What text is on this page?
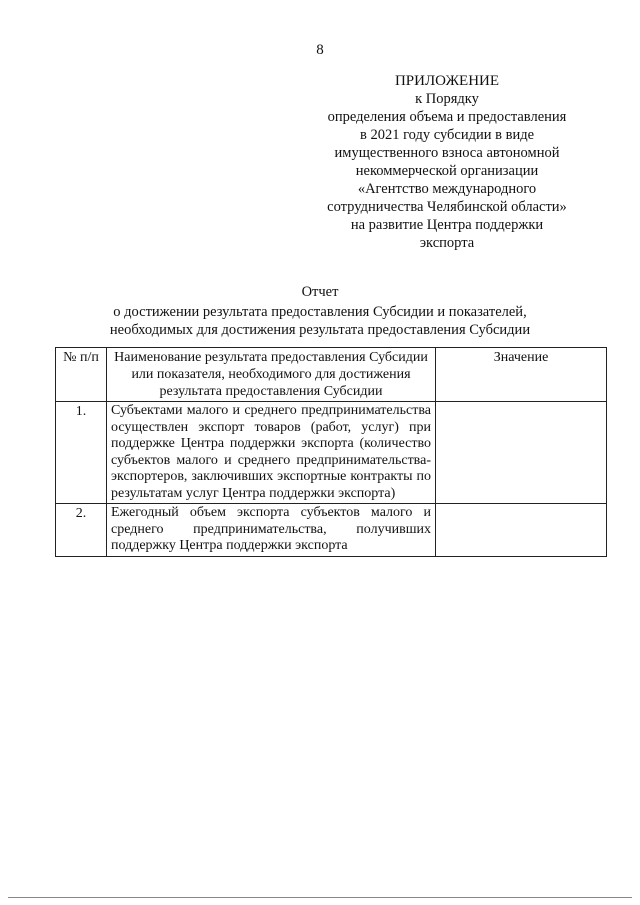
8
ПРИЛОЖЕНИЕ
к Порядку
определения объема и предоставления
в 2021 году субсидии в виде
имущественного взноса автономной
некоммерческой организации
«Агентство международного
сотрудничества Челябинской области»
на развитие Центра поддержки
экспорта
Отчет
о достижении результата предоставления Субсидии и показателей,
необходимых для достижения результата предоставления Субсидии
№ п/п	Наименование результата предоставления Субсидии или показателя, необходимого для достижения результата предоставления Субсидии	Значение
1.	Субъектами малого и среднего предпринимательства осуществлен экспорт товаров (работ, услуг) при поддержке Центра поддержки экспорта (количество субъектов малого и среднего предпринимательства-экспортеров, заключивших экспортные контракты по результатам услуг Центра поддержки экспорта)	
2.	Ежегодный объем экспорта субъектов малого и среднего предпринимательства, получивших поддержку Центра поддержки экспорта	
